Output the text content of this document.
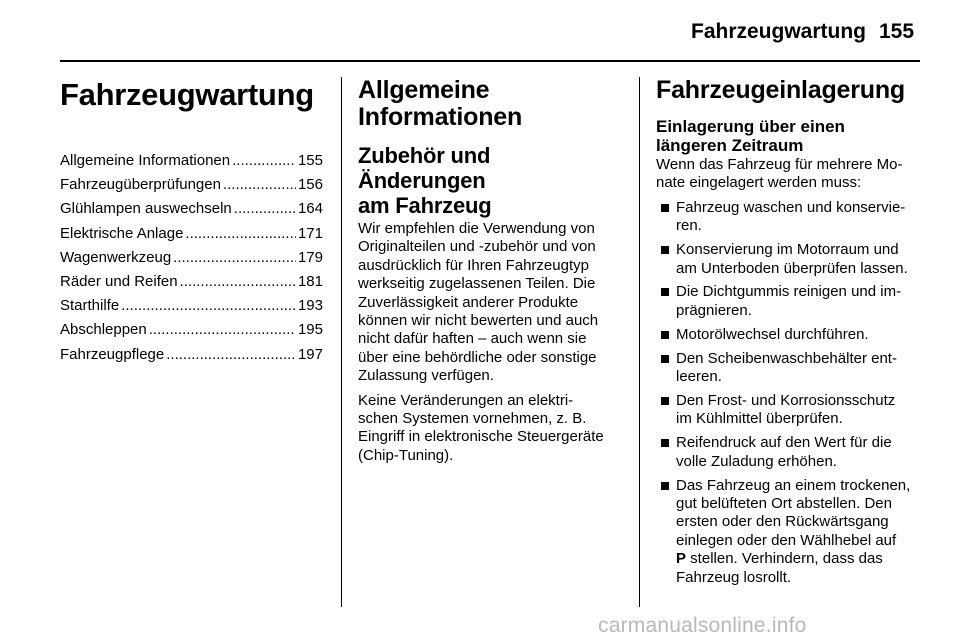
Fahrzeugwartung 155
Fahrzeugwartung
Allgemeine Informationen .....	155
Fahrzeugüberprüfungen .....	156
Glühlampen auswechseln .....	164
Elektrische Anlage .....	171
Wagenwerkzeug .....	179
Räder und Reifen .....	181
Starthilfe .....	193
Abschleppen .....	195
Fahrzeugpflege .....	197
Allgemeine
Informationen
Zubehör und Änderungen
am Fahrzeug

Wir empfehlen die Verwendung von
Originalteilen und -zubehör und von
ausdrücklich für Ihren Fahrzeugtyp
werkseitig zugelassenen Teilen. Die
Zuverlässigkeit anderer Produkte
können wir nicht bewerten und auch
nicht dafür haften – auch wenn sie
über eine behördliche oder sonstige
Zulassung verfügen.

Keine Veränderungen an elektri-
schen Systemen vornehmen, z. B.
Eingriff in elektronische Steuergeräte
(Chip-Tuning).

Fahrzeugeinlagerung
Einlagerung über einen
längeren Zeitraum

Wenn das Fahrzeug für mehrere Mo-
nate eingelagert werden muss:

Fahrzeug waschen und konservie-
ren.
Konservierung im Motorraum und
am Unterboden überprüfen lassen.
Die Dichtgummis reinigen und im-
prägnieren.
Motorölwechsel durchführen.
Den Scheibenwaschbehälter ent-
leeren.
Den Frost- und Korrosionsschutz
im Kühlmittel überprüfen.
Reifendruck auf den Wert für die
volle Zuladung erhöhen.
Das Fahrzeug an einem trockenen,
gut belüfteten Ort abstellen. Den
ersten oder den Rückwärtsgang
einlegen oder den Wählhebel auf
P stellen. Verhindern, dass das
Fahrzeug losrollt.
carmanualsonline.info
